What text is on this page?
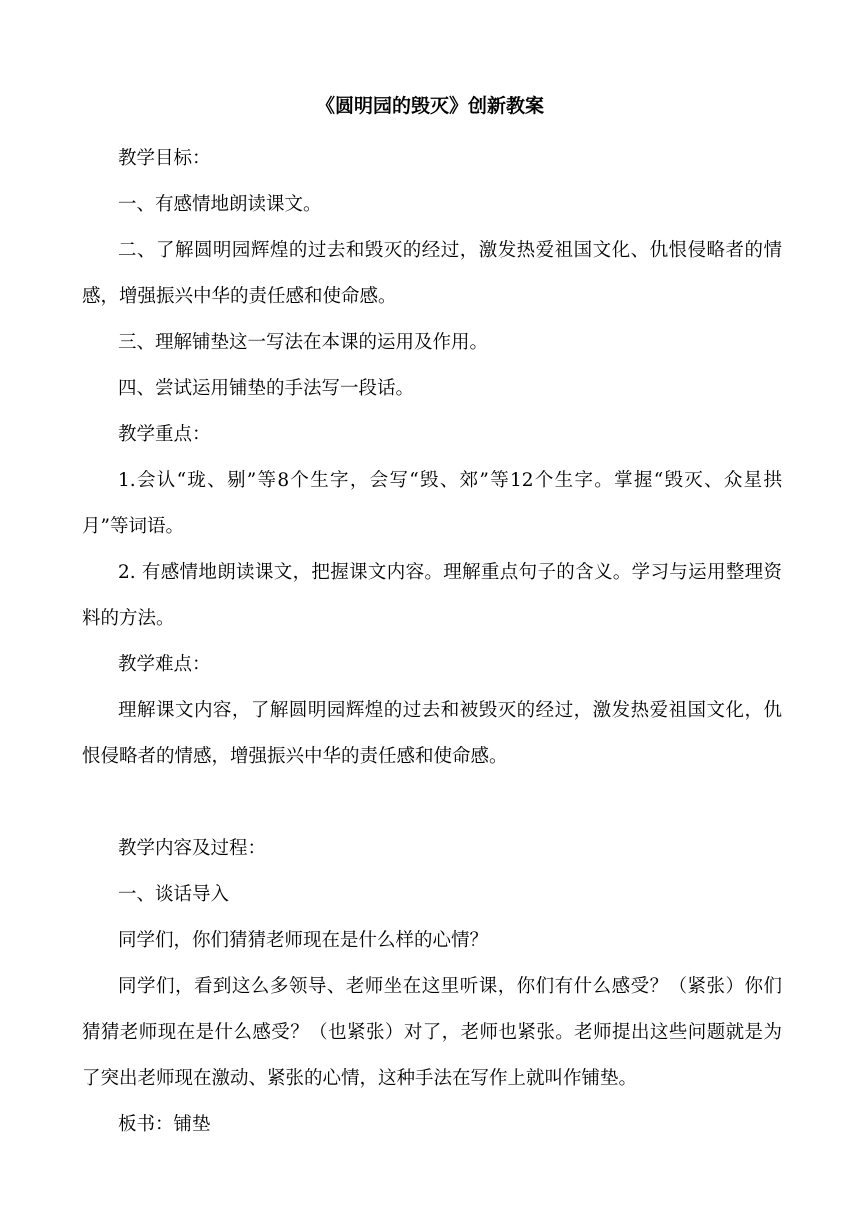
《圆明园的毁灭》创新教案

教学目标：

一、有感情地朗读课文。

二、了解圆明园辉煌的过去和毁灭的经过，激发热爱祖国文化、仇恨侵略者的情感，增强振兴中华的责任感和使命感。

三、理解铺垫这一写法在本课的运用及作用。

四、尝试运用铺垫的手法写一段话。

教学重点：

1.会认“珑、剔”等8个生字，会写“毁、郊”等12个生字。掌握“毁灭、众星拱月”等词语。

2. 有感情地朗读课文，把握课文内容。理解重点句子的含义。学习与运用整理资料的方法。

教学难点：

理解课文内容，了解圆明园辉煌的过去和被毁灭的经过，激发热爱祖国文化，仇恨侵略者的情感，增强振兴中华的责任感和使命感。

教学内容及过程：

一、谈话导入

同学们，你们猜猜老师现在是什么样的心情？

同学们，看到这么多领导、老师坐在这里听课，你们有什么感受？（紧张）你们猜猜老师现在是什么感受？（也紧张）对了，老师也紧张。老师提出这些问题就是为了突出老师现在激动、紧张的心情，这种手法在写作上就叫作铺垫。

板书：铺垫
